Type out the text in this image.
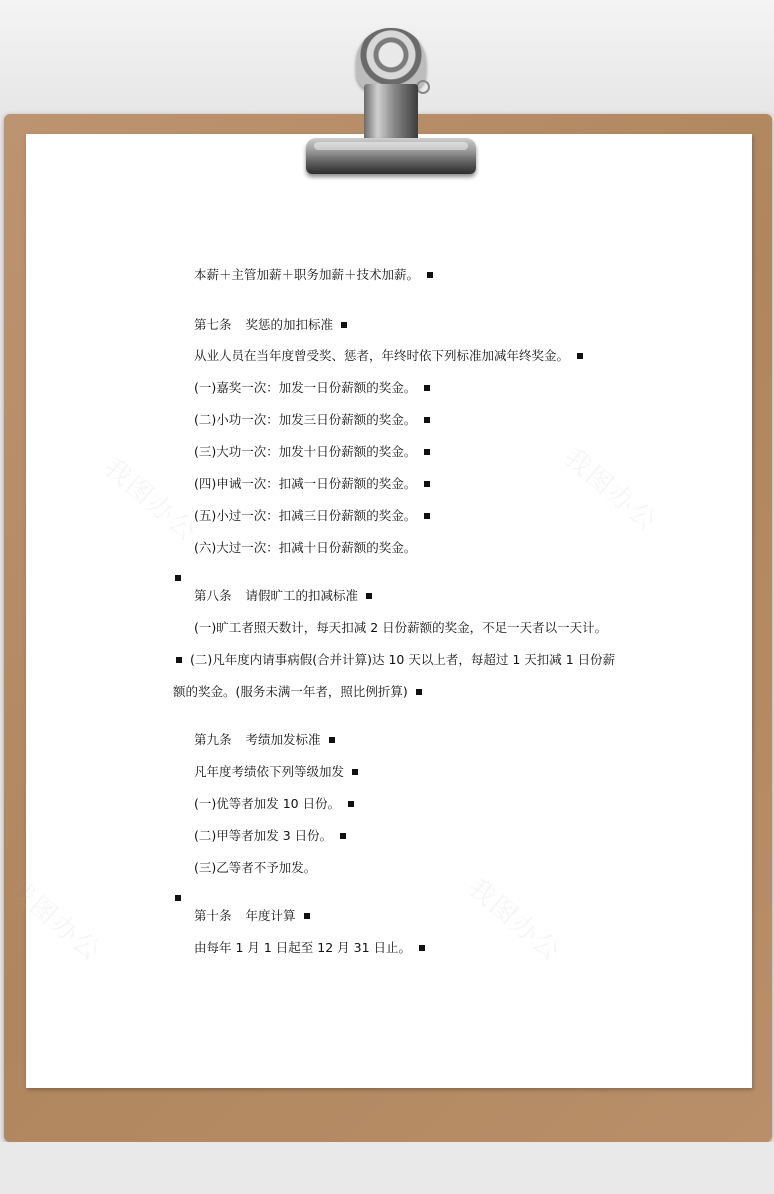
我图办公	我图办公
我图办公	我图办公
本薪＋主管加薪＋职务加薪＋技术加薪。
第七条 奖惩的加扣标准
从业人员在当年度曾受奖、惩者，年终时依下列标准加减年终奖金。
(一)嘉奖一次：加发一日份薪额的奖金。
(二)小功一次：加发三日份薪额的奖金。
(三)大功一次：加发十日份薪额的奖金。
(四)申诫一次：扣减一日份薪额的奖金。
(五)小过一次：扣减三日份薪额的奖金。
(六)大过一次：扣减十日份薪额的奖金。
第八条 请假旷工的扣减标准
(一)旷工者照天数计，每天扣减 2 日份薪额的奖金，不足一天者以一天计。
(二)凡年度内请事病假(合并计算)达 10 天以上者，每超过 1 天扣减 1 日份薪
额的奖金。(服务未满一年者，照比例折算)
第九条 考绩加发标准
凡年度考绩依下列等级加发
(一)优等者加发 10 日份。
(二)甲等者加发 3 日份。
(三)乙等者不予加发。
第十条 年度计算
由每年 1 月 1 日起至 12 月 31 日止。
